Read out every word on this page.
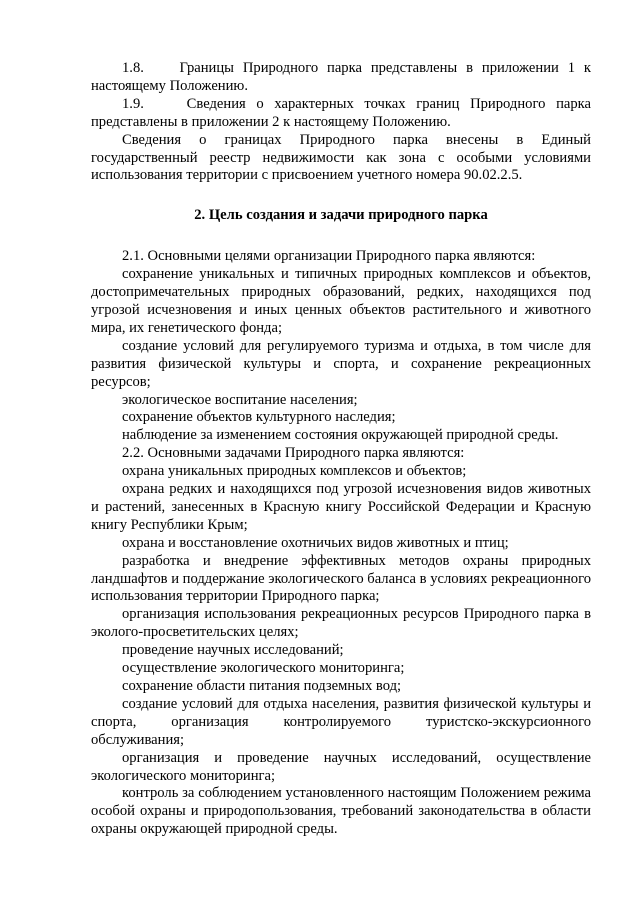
1.8.    Границы Природного парка представлены в приложении 1 к настоящему Положению.

1.9.    Сведения о характерных точках границ Природного парка представлены в приложении 2 к настоящему Положению.

Сведения о границах Природного парка внесены в Единый государственный реестр недвижимости как зона с особыми условиями использования территории с присвоением учетного номера 90.02.2.5.

2. Цель создания и задачи природного парка

2.1. Основными целями организации Природного парка являются:

сохранение уникальных и типичных природных комплексов и объектов, достопримечательных природных образований, редких, находящихся под угрозой исчезновения и иных ценных объектов растительного и животного мира, их генетического фонда;

создание условий для регулируемого туризма и отдыха, в том числе для развития физической культуры и спорта, и сохранение рекреационных ресурсов;

экологическое воспитание населения;

сохранение объектов культурного наследия;

наблюдение за изменением состояния окружающей природной среды.

2.2. Основными задачами Природного парка являются:

охрана уникальных природных комплексов и объектов;

охрана редких и находящихся под угрозой исчезновения видов животных и растений, занесенных в Красную книгу Российской Федерации и Красную книгу Республики Крым;

охрана и восстановление охотничьих видов животных и птиц;

разработка и внедрение эффективных методов охраны природных ландшафтов и поддержание экологического баланса в условиях рекреационного использования территории Природного парка;

организация использования рекреационных ресурсов Природного парка в эколого-просветительских целях;

проведение научных исследований;

осуществление экологического мониторинга;

сохранение области питания подземных вод;

создание условий для отдыха населения, развития физической культуры и спорта, организация контролируемого туристско-экскурсионного обслуживания;

организация и проведение научных исследований, осуществление экологического мониторинга;

контроль за соблюдением установленного настоящим Положением режима особой охраны и природопользования, требований законодательства в области охраны окружающей природной среды.
